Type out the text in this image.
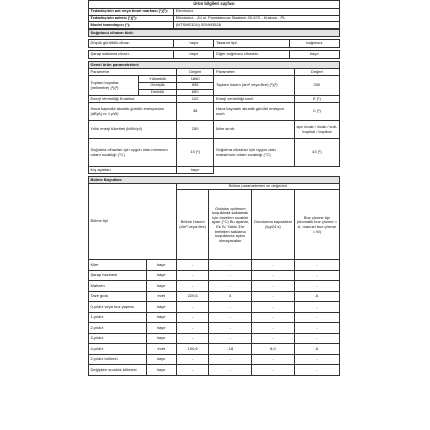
Ürün bilgileri sayfası	
Tedarikçinin adı veya ticari markası (¹)(²):	Electrolux
Tedarikçinin adresi (¹)(²):	Electrolux - Żd ul. Powstancow Slaskich 30-570 - Krakow - PL
Model tanımlayıcı (¹):	(NTSME32U) 925993526
Soğutucu cihazın türü:			

Düşük gürültülü cihaz:	hayır	Tasarım tipi:	bağımsız

Şarap saklama cihazı:	hayır	Diğer soğutucu cihazlar:	hayır

Genel ürün parametreleri:				
Parametre		Değeri	Parametre	Değeri
Toplam boyutlar (milimetre) (¹)(²)	Yükseklik	1860	Toplam hacim (dm³ veya litre) (¹)(²)	330
	Genişlik	595		
	Derinlik	650		
Enerji Verimliliği Endeksi:		102	Enerji verimliliği sınıfı	E (¹)
Hava kaynaklı akustik gürültü emisyonları (dB(A) re 1 pW)		38	Hava kaynaklı akustik gürültü emisyon sınıfı	C (¹)
Yıllık enerji tüketimi (kWh/yıl)		250	İklim sınıfı:	ayrı ılıcak / ılıcak / sub-tropikal / tropikal
Soğutma cihazları için uygun olan minimum ortam sıcaklığı (°C)		10 (¹)	Soğutma cihazları için uygun olan maksimum ortam sıcaklığı (°C)	43 (¹)
Kış ayarları		hayır		
Bölme Boyutları:					
Bölme tipi		Bölme parametreleri ve değerleri			
		Bölme Hacmi (dm³ veya litre)	Gıdaları optimum koşullarda saklamak için önerilen sıcaklık ayarı (°C) Bu ayarlar, Ek IV, Tablo 3'te belirtilen saklama koşullarına aykırı olmayacaktır	Dondurma kapasitesi (kg/24 s)	Buz çözme tipi (otomatik buz çözme = A, manuel buz çözme = M)
Kiler	hayır	-	-	-	-
Şarap hazinesi	hayır	-	-	-	-
Mahzen	hayır	-	-	-	-
Taze gıda	evet	229,6	4	-	A
0-yıldız veya buz yapma	hayır	-	-	-	-
1-yıldız	hayır	-	-	-	-
2-yıldız	hayır	-	-	-	-
3-yıldız	hayır	-	-	-	-
4-yıldız	evet	100,6	-18	8,0	A
2-yıldız bölümü	hayır	-	-	-	-
Değişken sıcaklık bölmesi	hayır	-	-	-	-
